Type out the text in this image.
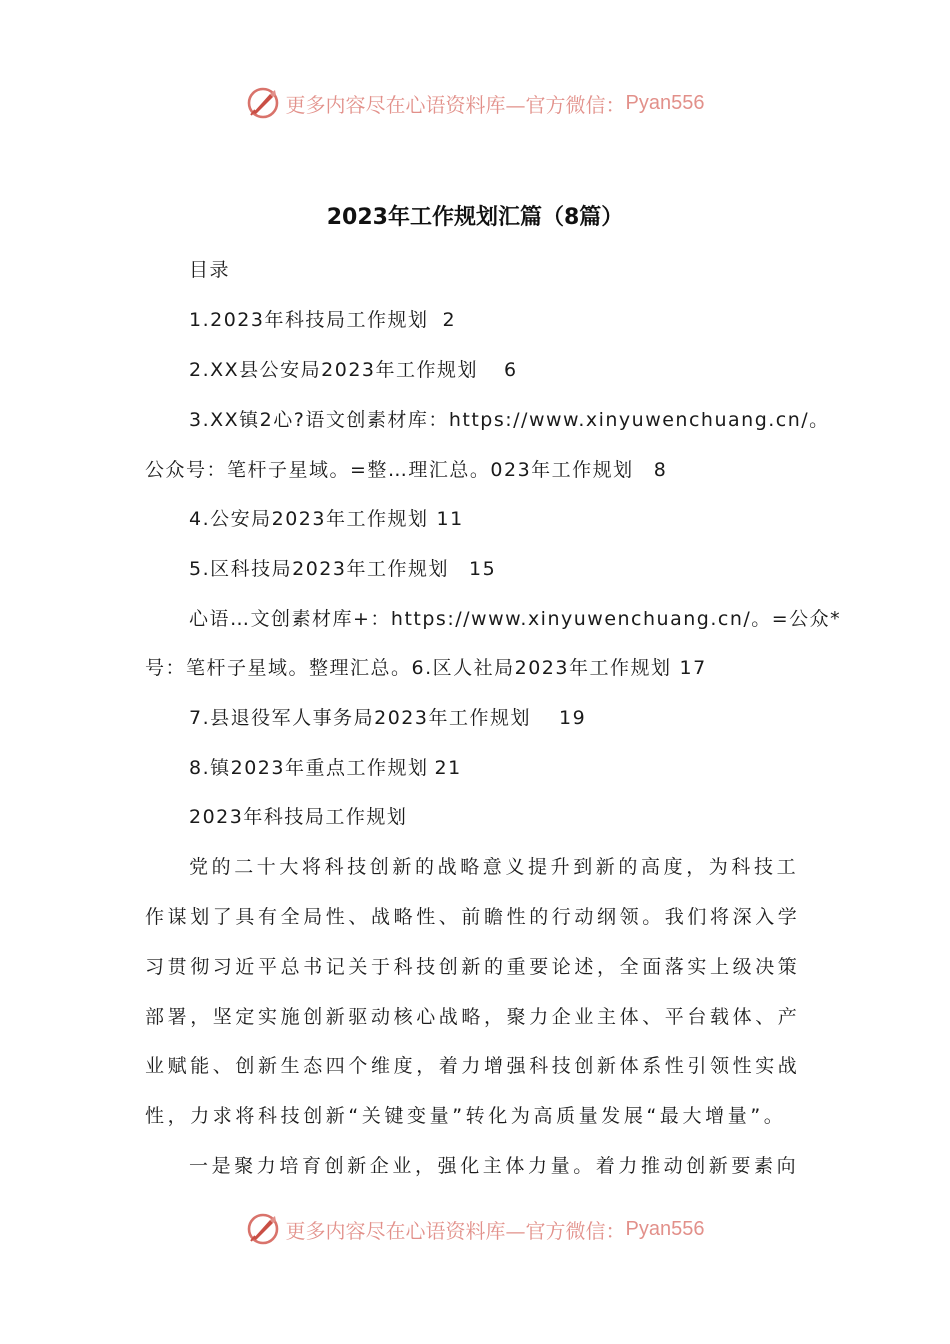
更多内容尽在心语资料库—官方微信： Pyan556
2023年工作规划汇篇（8篇）
目录
1.2023年科技局工作规划 2
2.XX县公安局2023年工作规划 6
3.XX镇2心?语文创素材库：https://www.xinyuwenchuang.cn/。
公众号：笔杆子星域。=整…理汇总。023年工作规划 8
4.公安局2023年工作规划 11
5.区科技局2023年工作规划 15
心语…文创素材库+：https://www.xinyuwenchuang.cn/。=公众*
号：笔杆子星域。整理汇总。6.区人社局2023年工作规划 17
7.县退役军人事务局2023年工作规划 19
8.镇2023年重点工作规划 21
2023年科技局工作规划
党的二十大将科技创新的战略意义提升到新的高度，为科技工
作谋划了具有全局性、战略性、前瞻性的行动纲领。我们将深入学
习贯彻习近平总书记关于科技创新的重要论述，全面落实上级决策
部署，坚定实施创新驱动核心战略，聚力企业主体、平台载体、产
业赋能、创新生态四个维度，着力增强科技创新体系性引领性实战
性，力求将科技创新“关键变量”转化为高质量发展“最大增量”。
一是聚力培育创新企业，强化主体力量。着力推动创新要素向
更多内容尽在心语资料库—官方微信： Pyan556
